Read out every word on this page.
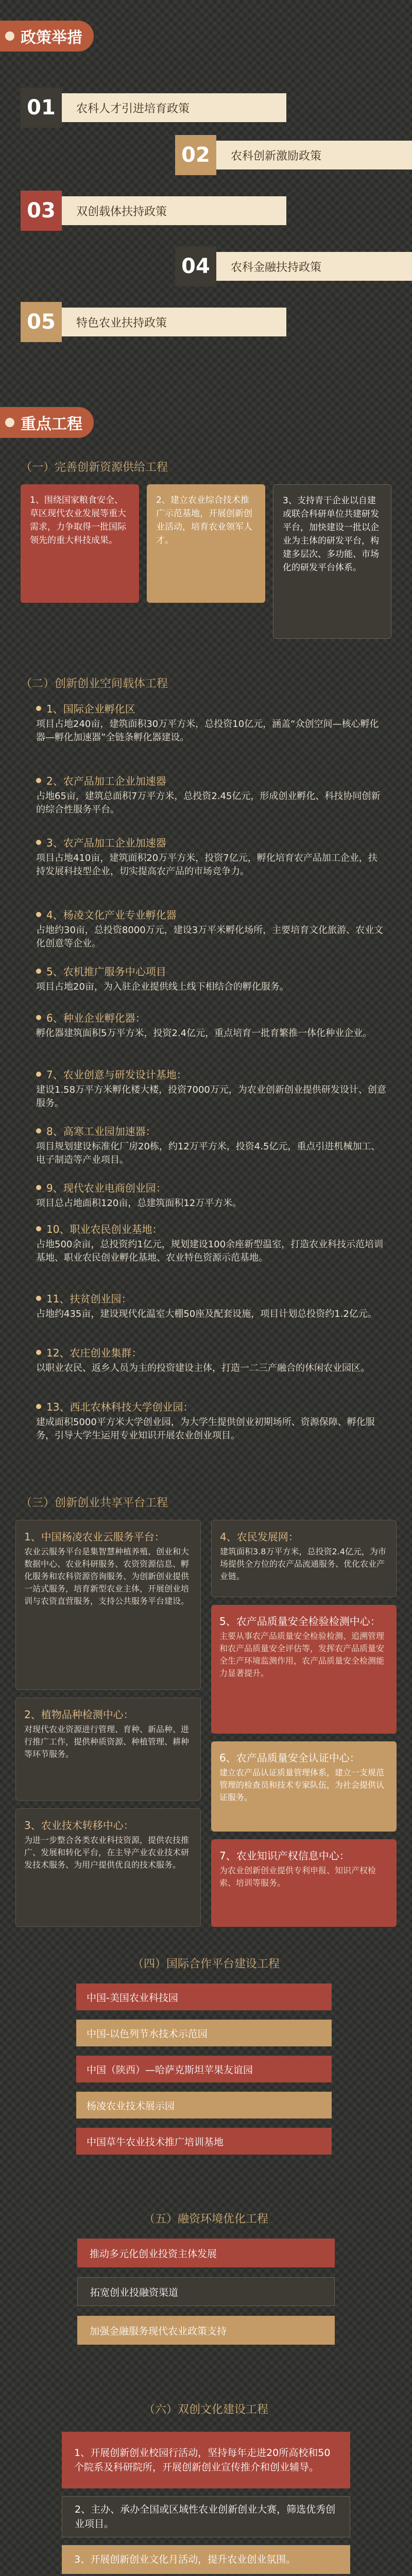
政策举措
01	农科人才引进培育政策
02	农科创新激励政策
03	双创载体扶持政策
04	农科金融扶持政策
05	特色农业扶持政策
重点工程
（一）完善创新资源供给工程
1、围绕国家粮食安全、草区现代农业发展等重大需求，力争取得一批国际领先的重大科技成果。
2、建立农业综合技术推广示范基地，开展创新创业活动，培育农业领军人才。
3、支持青干企业以自建或联合科研单位共建研发平台，加快建设一批以企业为主体的研发平台，构建多层次、多功能、市场化的研发平台体系。
（二）创新创业空间载体工程
1、国际企业孵化区
项目占地240亩，建筑面积30万平方米，总投资10亿元，涵盖“众创空间—核心孵化器—孵化加速器”全链条孵化器建设。
2、农产品加工企业加速器
占地65亩，建筑总面积7万平方米，总投资2.45亿元，形成创业孵化、科技协同创新的综合性服务平台。
3、农产品加工企业加速器
项目占地410亩，建筑面积20万平方米，投资7亿元，孵化培育农产品加工企业，扶持发展科技型企业，切实提高农产品的市场竞争力。
4、杨凌文化产业专业孵化器
占地约30亩，总投资8000万元，建设3万平米孵化场所，主要培育文化旅游、农业文化创意等企业。
5、农机推广服务中心项目
项目占地20亩，为入驻企业提供线上线下相结合的孵化服务。
6、种业企业孵化器：
孵化器建筑面积5万平方米，投资2.4亿元，重点培育一批育繁推一体化种业企业。
7、农业创意与研发设计基地：
建设1.58万平方米孵化楼大楼，投资7000万元，为农业创新创业提供研发设计、创意服务。
8、高寒工业园加速器：
项目规划建设标准化厂房20栋，约12万平方米，投资4.5亿元，重点引进机械加工、电子制造等产业项目。
9、现代农业电商创业园：
项目总占地面积120亩，总建筑面积12万平方米。
10、职业农民创业基地：
占地500余亩，总投资约1亿元，规划建设100余座新型温室，打造农业科技示范培训基地、职业农民创业孵化基地、农业特色资源示范基地。
11、扶贫创业园：
占地约435亩，建设现代化温室大棚50座及配套设施，项目计划总投资约1.2亿元。
12、农庄创业集群：
以职业农民、返乡人员为主的投资建设主体，打造一二三产融合的休闲农业园区。
13、西北农林科技大学创业园：
建成面积5000平方米大学创业园，为大学生提供创业初期场所、资源保障、孵化服务，引导大学生运用专业知识开展农业创业项目。
（三）创新创业共享平台工程
1、中国杨凌农业云服务平台：
农业云服务平台是集智慧种植养殖、创业和大数据中心、农业科研服务、农资资源信息、孵化服务和农科资源咨询服务、为创新创业提供一站式服务，培育新型农业主体，开展创业培训与农资直营服务，支持公共服务平台建设。
2、植物品种检测中心：
对现代农业资源进行管理、育种、新品种、进行推广工作，提供种质资源、种植管理、耕种等环节服务。
3、农业技术转移中心：
为进一步整合各类农业科技资源，提供农技推广、发展和转化平台，在主导产业农业技术研发技术服务、为用户提供优良的技术服务。
4、农民发展网：
建筑面积3.8万平方米，总投资2.4亿元，为市场提供全方位的农产品流通服务、优化农业产业链。
5、农产品质量安全检验检测中心：
主要从事农产品质量安全检验检测、追溯管理和农产品质量安全评估等，发挥农产品质量安全生产环境监测作用，农产品质量安全检测能力显著提升。
6、农产品质量安全认证中心：
建立农产品认证质量管理体系，建立一支规范管理的检查员和技术专家队伍，为社会提供认证服务。
7、农业知识产权信息中心：
为农业创新创业提供专利申报、知识产权检索、培训等服务。
（四）国际合作平台建设工程
中国-美国农业科技园
中国-以色列节水技术示范园
中国（陕西）—哈萨克斯坦苹果友谊园
杨凌农业技术展示园
中国草牛农业技术推广培训基地
（五）融资环境优化工程
推动多元化创业投资主体发展
拓宽创业投融资渠道
加强金融服务现代农业政策支持
（六）双创文化建设工程
1、开展创新创业校园行活动，坚持每年走进20所高校和50个院系及科研院所，开展创新创业宣传推介和创业辅导。
2、主办、承办全国或区域性农业创新创业大赛，筛选优秀创业项目。
3、开展创新创业文化月活动，提升农业创业氛围。
